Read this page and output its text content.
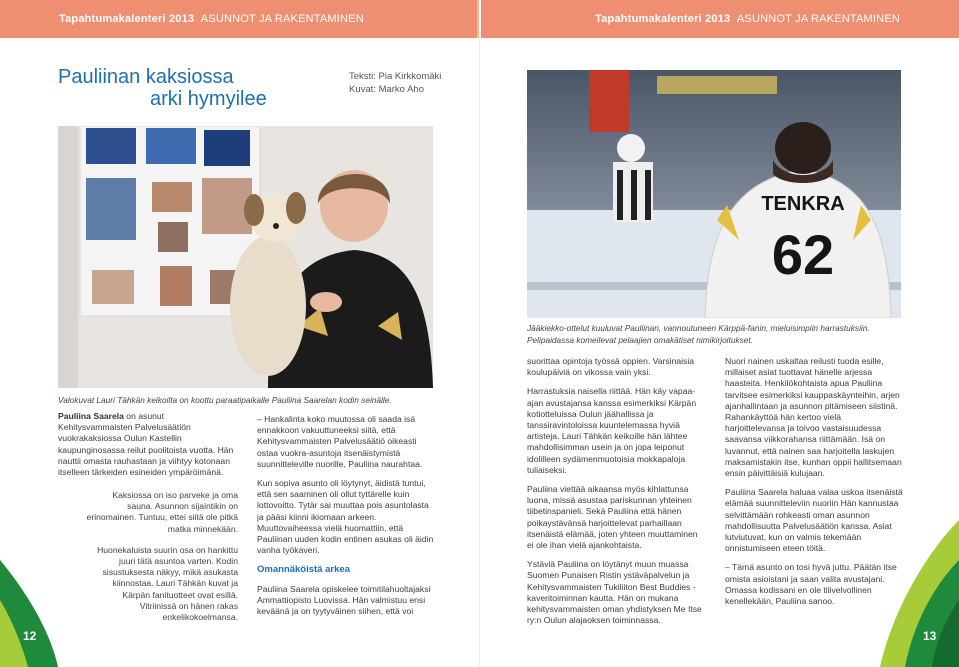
Tapahtumakalenteri 2013 ASUNNOT JA RAKENTAMINEN	Tapahtumakalenteri 2013 ASUNNOT JA RAKENTAMINEN
Pauliinan kaksiossa
arki hymyilee
Teksti: Pia Kirkkomäki
Kuvat: Marko Aho
Valokuvat Lauri Tähkän keikoilta on koottu paraatipaikalle Pauliina Saarelan kodin seinälle.
TENKRA
62
Jääkiekko-ottelut kuuluvat Pauliinan, vannoutuneen Kärppä-fanin, mieluisimpiin harrastuksiin.
Pelipaidassa komeilevat pelaajien omakätiset nimikirjoitukset.

Pauliina Saarela on asunut Kehitysvammaisten Palvelusäätiön vuokrakaksiossa Oulun Kastellin kaupunginosassa reilut puolitoista vuotta. Hän nauttii omasta rauhastaan ja viihtyy kotonaan itselleen tärkeiden esineiden ympäröimänä.

Kaksiossa on iso parveke ja oma sauna. Asunnon sijaintikin on erinomainen. Tuntuu, ettei siitä ole pitkä matka minnekään.

Huonekaluista suurin osa on hankittu juuri tätä asuntoa varten. Kodin sisustuksesta näkyy, mikä asukasta kiinnostaa. Lauri Tähkän kuvat ja Kärpän fanituotteet ovat esillä. Vitriinissä on hänen rakas enkelikokoelmansa.

– Hankalinta koko muutossa oli saada isä ennakkoon vakuuttuneeksi siitä, että Kehitysvammaisten Palvelusäätiö oikeasti ostaa vuokra-asuntoja itsenäistymistä suunnitteleville nuorille, Pauliina naurahtaa.

Kun sopiva asunto oli löytynyt, äidistä tuntui, että sen saaminen oli ollut tyttärelle kuin lottovoitto. Tytär sai muuttaa pois asuntolasta ja pääsi kiinni ikiomaan arkeen. Muuttovaiheessa vielä huomattiin, että Pauliinan uuden kodin entinen asukas oli äidin vanha työkaveri.

Omannäköistä arkea

Pauliina Saarela opiskelee toimitilahuoltajaksi Ammattiopisto Luovissa. Hän valmistuu ensi keväänä ja on tyytyväinen siihen, että voi

suorittaa opintoja työssä oppien. Varsinaisia koulupäiviä on vikossa vain yksi.

Harrastuksia naisella riittää. Hän käy vapaa-ajan avustajansa kanssa esimerkiksi Kärpän kotiotteluissa Oulun jäähallissa ja tanssiravintoloissa kuuntelemassa hyviä artisteja. Lauri Tähkän keikoille hän lähtee mahdollisimman usein ja on jopa leiponut idolilleen sydämenmuotoisia mokkapaloja tuliaiseksi.

Pauliina viettää aikaansa myös kihlattunsa luona, missä asustaa pariskunnan yhteinen tiibetinspanieli. Sekä Pauliina että hänen poikaystävänsä harjoittelevat parhaillaan itsenäistä elämää, joten yhteen muuttaminen ei ole ihan vielä ajankohtaista.

Ystäviä Pauliina on löytänyt muun muassa Suomen Punaisen Ristin ystäväpalvelun ja Kehitysvammaisten Tukiliiton Best Buddies -kaveritoiminnan kautta. Hän on mukana kehitysvammaisten oman yhdistyksen Me Itse ry:n Oulun alajaoksen toiminnassa.

Nuori nainen uskaltaa reilusti tuoda esille, millaiset asiat tuottavat hänelle arjessa haasteita. Henkilökohtaista apua Pauliina tarvitsee esimerkiksi kauppaskäynteihin, arjen ajanhallintaan ja asunnon pitämiseen siistinä. Rahankäyttöä hän kertoo vielä harjoittelevansa ja toivoo vastaisuudessa saavansa viikkorahansa riittämään. Isä on luvannut, että nainen saa harjoitella laskujen maksamistakin itse, kunhan oppii hallitsemaan ensin päivittäisiä kulujaan.

Pauliina Saarela haluaa valaa uskoa itsenäistä elämää suunnitteleviin nuoriin Hän kannustaa selvittämään rohkeasti oman asunnon mahdollisuutta Palvelusäätiön kanssa. Asiat lutviutuvat, kun on valmis tekemään onnistumiseen eteen töitä.

– Tämä asunto on tosi hyvä juttu. Päätän itse omista asioistani ja saan valita avustajani. Omassa kodissani en ole tilivelvollinen kenellekään, Pauliina sanoo.

12	13
